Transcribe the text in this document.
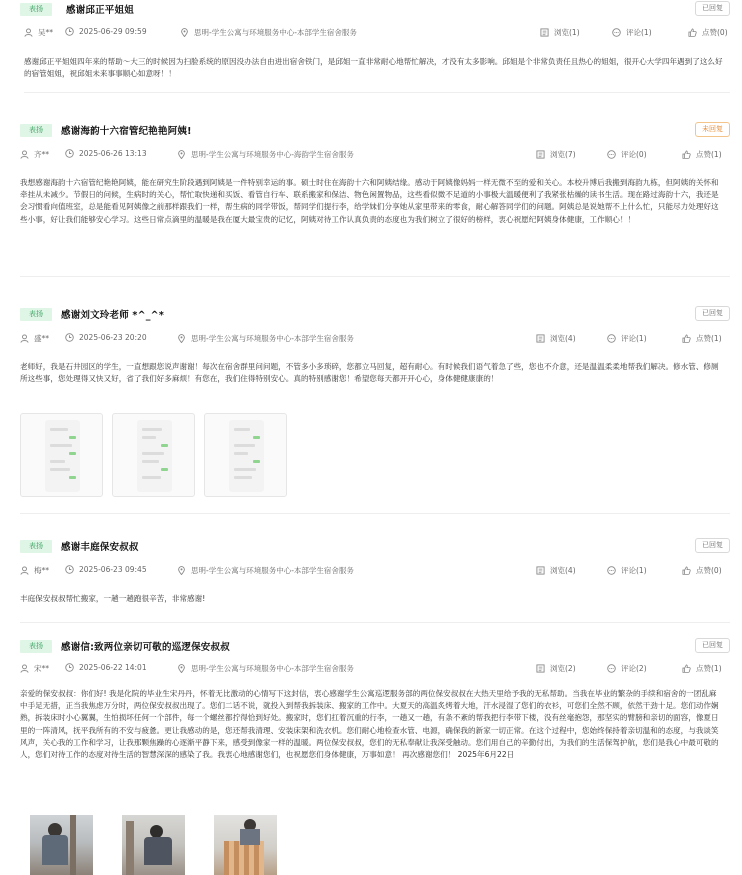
表扬	感谢邱正平姐姐	已回复
吴**	2025-06-29 09:59	思明-学生公寓与环境服务中心-本部学生宿舍服务	浏览(1)	评论(1)	点赞(0)
感谢邱正平姐姐四年来的帮助～大三的时候因为扫脸系统的原因没办法自由进出宿舍铁门，是邱姐一直非常耐心地帮忙解决，才没有太多影响。邱姐是个非常负责任且热心的姐姐，很开心大学四年遇到了这么好的宿管姐姐，祝邱姐未来事事顺心如意呀！！
表扬	感谢海韵十六宿管纪艳艳阿姨!	未回复
齐**	2025-06-26 13:13	思明-学生公寓与环境服务中心-海韵学生宿舍服务	浏览(7)	评论(0)	点赞(1)
我想感谢海韵十六宿管纪艳艳阿姨，能在研究生阶段遇到阿姨是一件特别幸运的事。硕士时住在海韵十六和阿姨结缘。感动于阿姨像妈妈一样无微不至的爱和关心。本校升博后我搬到海韵九栋，但阿姨的关怀和牵挂从未减少。节假日的问候，生病时的关心，帮忙取快递和买饭、看管自行车、联系搬家和保洁、物色闲置物品，这些看似微不足道的小事极大温暖便利了我紧张枯燥的读书生活。现在路过海韵十六，我还是会习惯看向值班室，总是能看见阿姨像之前那样跟我们一样，帮生病的同学带饭，帮同学们提行李，给学妹们分享她从家里带来的零食，耐心解答同学们的问题。阿姨总是说她帮不上什么忙，只能尽力处理好这些小事，好让我们能够安心学习。这些日常点滴里的温暖是我在厦大最宝贵的记忆，阿姨对待工作认真负责的态度也为我们树立了很好的榜样，衷心祝愿纪阿姨身体健康，工作顺心！！
表扬	感谢刘文玲老师 *^_^*	已回复
盛**	2025-06-23 20:20	思明-学生公寓与环境服务中心-本部学生宿舍服务	浏览(4)	评论(1)	点赞(1)
老师好，我是石井园区的学生，一直想跟您说声谢谢！每次在宿舍群里问问题，不管多小多琐碎，您都立马回复，超有耐心。有时候我们语气着急了些，您也不介意，还是温温柔柔地帮我们解决。修水管、修厕所这些事，您处理得又快又好，省了我们好多麻烦！有您在，我们住得特别安心。真的特别感谢您！希望您每天都开开心心，身体健健康康的！
表扬	感谢丰庭保安叔叔	已回复
梅**	2025-06-23 09:45	思明-学生公寓与环境服务中心-本部学生宿舍服务	浏览(4)	评论(1)	点赞(0)
丰庭保安叔叔帮忙搬家，一趟一趟跑很辛苦，非常感谢!
表扬	感谢信:致两位亲切可敬的巡逻保安叔叔	已回复
宋**	2025-06-22 14:01	思明-学生公寓与环境服务中心-本部学生宿舍服务	浏览(2)	评论(2)	点赞(1)
亲爱的保安叔叔：你们好! 我是化院的毕业生宋丹丹，怀着无比激动的心情写下这封信，衷心感谢学生公寓巡逻服务部的两位保安叔叔在大热天里给予我的无私帮助。当我在毕业的繁杂的手续和宿舍的一团乱麻中手足无措，正当我焦虑万分时，两位保安叔叔出现了。您们二话不说，就投入到帮我拆装床、搬家的工作中。大夏天的高温炙烤着大地，汗水浸湿了您们的衣衫，可您们全然不顾，依然干劲十足。您们动作娴熟，拆装床时小心翼翼，生怕损坏任何一个部件，每一个螺丝都拧得恰到好处。搬家时，您们扛着沉重的行李，一趟又一趟，有条不紊的帮我把行李带下楼，没有丝毫抱怨，那坚实的臂膀和亲切的面容，像夏日里的一阵清风，抚平我所有的不安与疲惫。更让我感动的是，您还帮我清理、安装床架和洗衣机。您们耐心地检查水管、电源，确保我的新家一切正常。在这个过程中，您始终保持着亲切温和的态度，与我谈笑风声，关心我的工作和学习，让我那颗焦躁的心逐渐平静下来，感受到像家一样的温暖。两位保安叔叔，您们的无私奉献让我深受触动。您们用自己的辛勤付出，为我们的生活保驾护航，您们是我心中最可敬的人，您们对待工作的态度对待生活的智慧深深的感染了我。我衷心地感谢您们，也祝愿您们身体健康，万事如意！ 再次感谢您们！ 2025年6月22日
